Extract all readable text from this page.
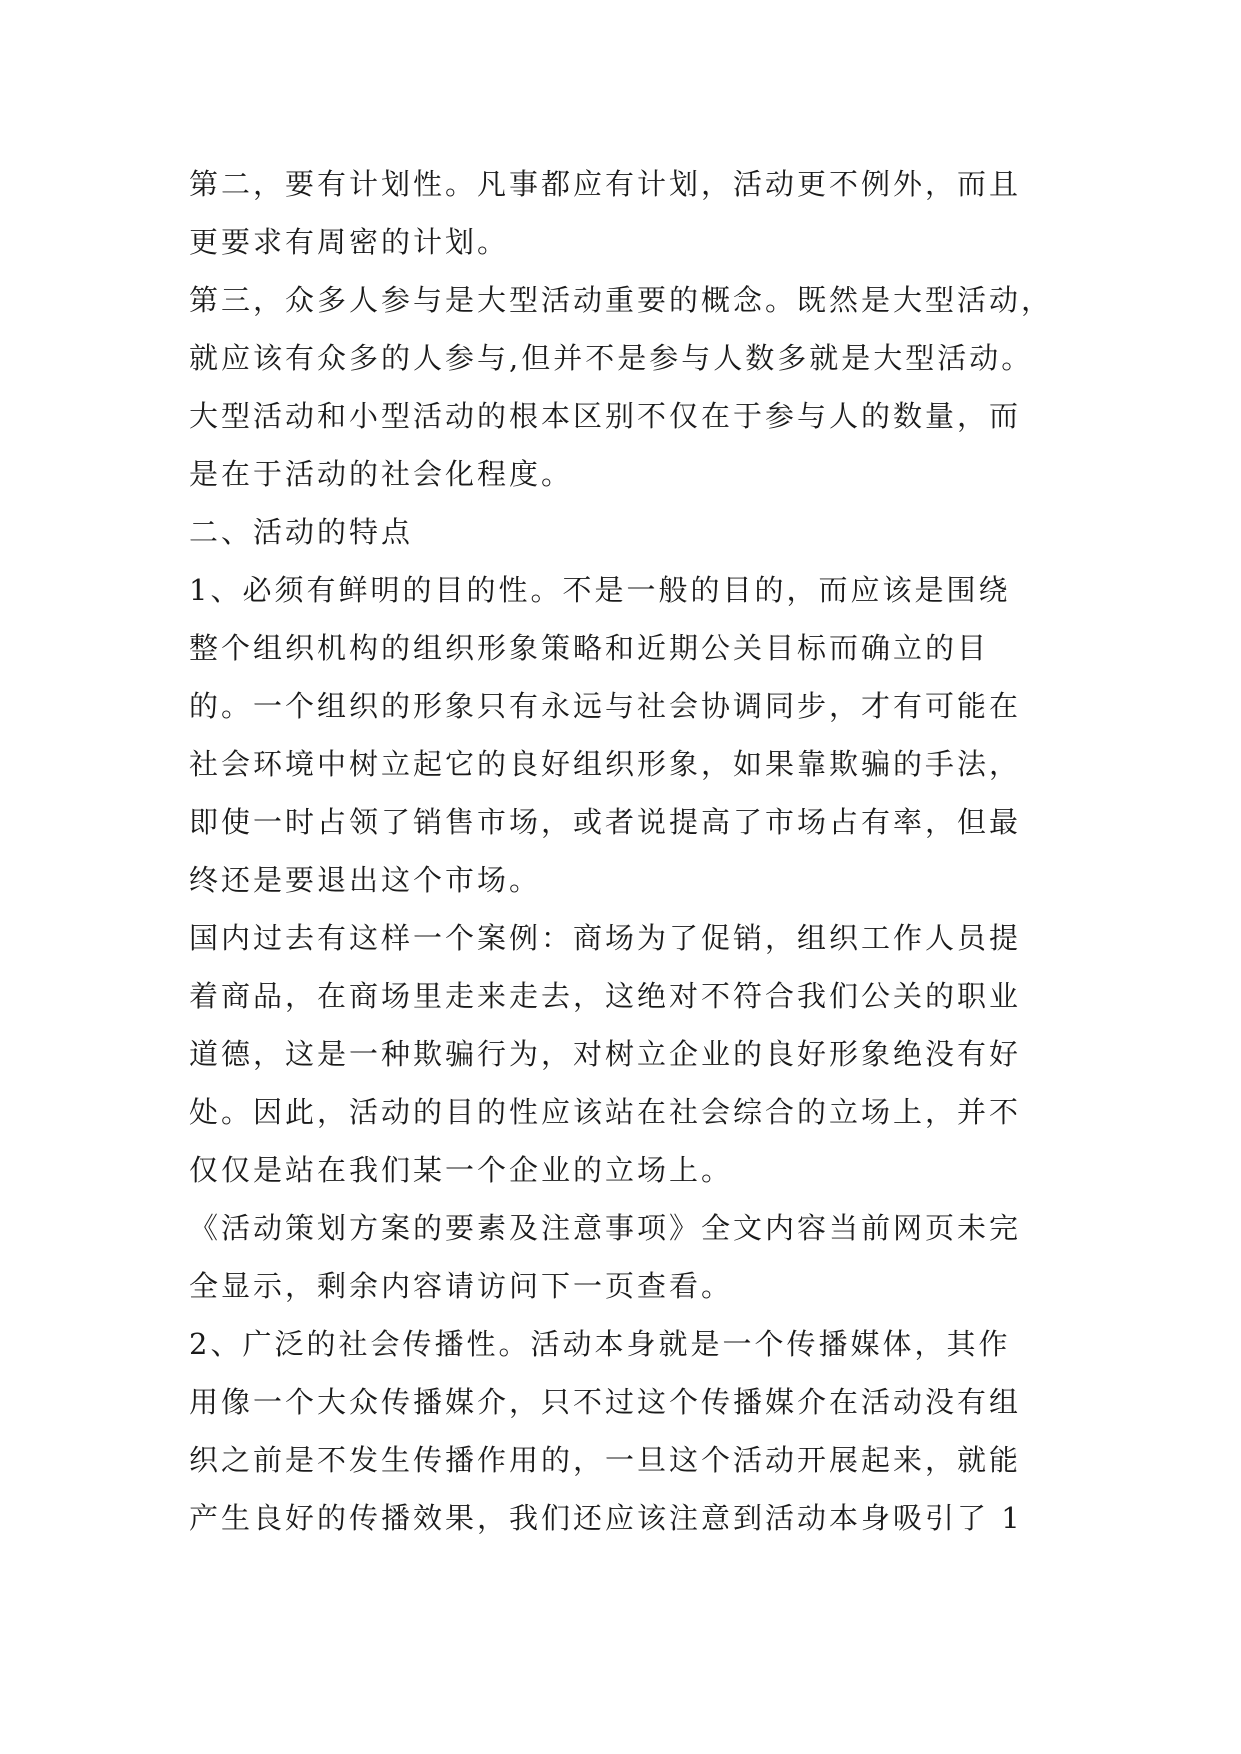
第二，要有计划性。凡事都应有计划，活动更不例外，而且
更要求有周密的计划。
第三，众多人参与是大型活动重要的概念。既然是大型活动，
就应该有众多的人参与,但并不是参与人数多就是大型活动。
大型活动和小型活动的根本区别不仅在于参与人的数量，而
是在于活动的社会化程度。
二、活动的特点
1、必须有鲜明的目的性。不是一般的目的，而应该是围绕
整个组织机构的组织形象策略和近期公关目标而确立的目
的。一个组织的形象只有永远与社会协调同步，才有可能在
社会环境中树立起它的良好组织形象，如果靠欺骗的手法，
即使一时占领了销售市场，或者说提高了市场占有率，但最
终还是要退出这个市场。
国内过去有这样一个案例：商场为了促销，组织工作人员提
着商品，在商场里走来走去，这绝对不符合我们公关的职业
道德，这是一种欺骗行为，对树立企业的良好形象绝没有好
处。因此，活动的目的性应该站在社会综合的立场上，并不
仅仅是站在我们某一个企业的立场上。
《活动策划方案的要素及注意事项》全文内容当前网页未完
全显示，剩余内容请访问下一页查看。
2、广泛的社会传播性。活动本身就是一个传播媒体，其作
用像一个大众传播媒介，只不过这个传播媒介在活动没有组
织之前是不发生传播作用的，一旦这个活动开展起来，就能
产生良好的传播效果，我们还应该注意到活动本身吸引了 1
